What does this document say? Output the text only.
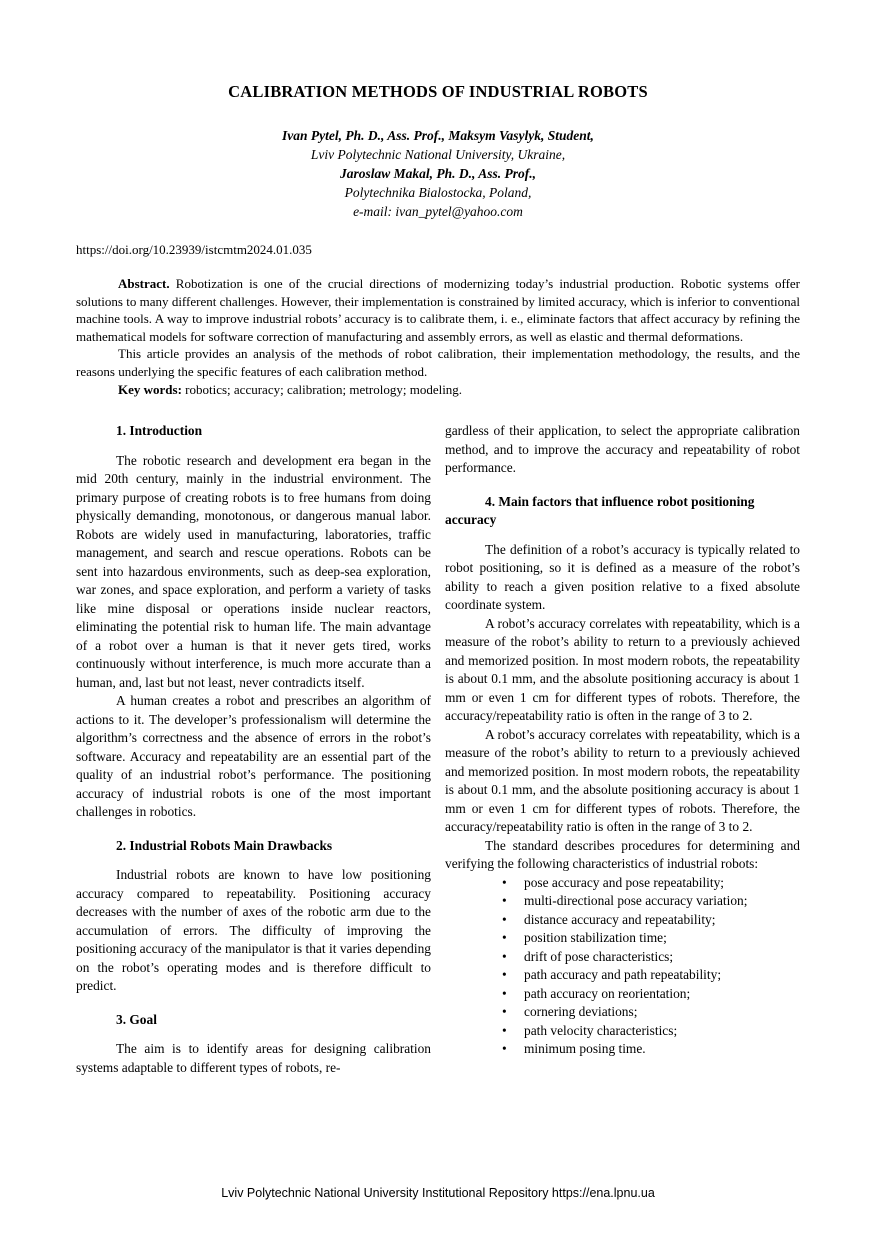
CALIBRATION METHODS OF INDUSTRIAL ROBOTS
Ivan Pytel, Ph. D., Ass. Prof., Maksym Vasylyk, Student,
Lviv Polytechnic National University, Ukraine,
Jaroslaw Makal, Ph. D., Ass. Prof.,
Polytechnika Bialostocka, Poland,
e-mail: ivan_pytel@yahoo.com
https://doi.org/10.23939/istcmtm2024.01.035

Abstract. Robotization is one of the crucial directions of modernizing today’s industrial production. Robotic systems offer solutions to many different challenges. However, their implementation is constrained by limited accuracy, which is inferior to conventional machine tools. A way to improve industrial robots’ accuracy is to calibrate them, i. e., eliminate factors that affect accuracy by refining the mathematical models for software correction of manufacturing and assembly errors, as well as elastic and thermal deformations.

This article provides an analysis of the methods of robot calibration, their implementation methodology, the results, and the reasons underlying the specific features of each calibration method.

Key words: robotics; accuracy; calibration; metrology; modeling.

1. Introduction

The robotic research and development era began in the mid 20th century, mainly in the industrial environment. The primary purpose of creating robots is to free humans from doing physically demanding, monotonous, or dangerous manual labor. Robots are widely used in manufacturing, laboratories, traffic management, and search and rescue operations. Robots can be sent into hazardous environments, such as deep-sea exploration, war zones, and space exploration, and perform a variety of tasks like mine disposal or operations inside nuclear reactors, eliminating the potential risk to human life. The main advantage of a robot over a human is that it never gets tired, works continuously without interference, is much more accurate than a human, and, last but not least, never contradicts itself.

A human creates a robot and prescribes an algorithm of actions to it. The developer’s professionalism will determine the algorithm’s correctness and the absence of errors in the robot’s software. Accuracy and repeatability are an essential part of the quality of an industrial robot’s performance. The positioning accuracy of industrial robots is one of the most important challenges in robotics.

2. Industrial Robots Main Drawbacks

Industrial robots are known to have low positioning accuracy compared to repeatability. Positioning accuracy decreases with the number of axes of the robotic arm due to the accumulation of errors. The difficulty of improving the positioning accuracy of the manipulator is that it varies depending on the robot’s operating modes and is therefore difficult to predict.

3. Goal

The aim is to identify areas for designing calibration systems adaptable to different types of robots, re-

gardless of their application, to select the appropriate calibration method, and to improve the accuracy and repeatability of robot performance.

4. Main factors that influence robot positioning accuracy

The definition of a robot’s accuracy is typically related to robot positioning, so it is defined as a measure of the robot’s ability to reach a given position relative to a fixed absolute coordinate system.

A robot’s accuracy correlates with repeatability, which is a measure of the robot’s ability to return to a previously achieved and memorized position. In most modern robots, the repeatability is about 0.1 mm, and the absolute positioning accuracy is about 1 mm or even 1 cm for different types of robots. Therefore, the accuracy/repeatability ratio is often in the range of 3 to 2.

A robot’s accuracy correlates with repeatability, which is a measure of the robot’s ability to return to a previously achieved and memorized position. In most modern robots, the repeatability is about 0.1 mm, and the absolute positioning accuracy is about 1 mm or even 1 cm for different types of robots. Therefore, the accuracy/repeatability ratio is often in the range of 3 to 2.

The standard describes procedures for determining and verifying the following characteristics of industrial robots:

• pose accuracy and pose repeatability;
• multi-directional pose accuracy variation;
• distance accuracy and repeatability;
• position stabilization time;
• drift of pose characteristics;
• path accuracy and path repeatability;
• path accuracy on reorientation;
• cornering deviations;
• path velocity characteristics;
• minimum posing time.
Lviv Polytechnic National University Institutional Repository https://ena.lpnu.ua
